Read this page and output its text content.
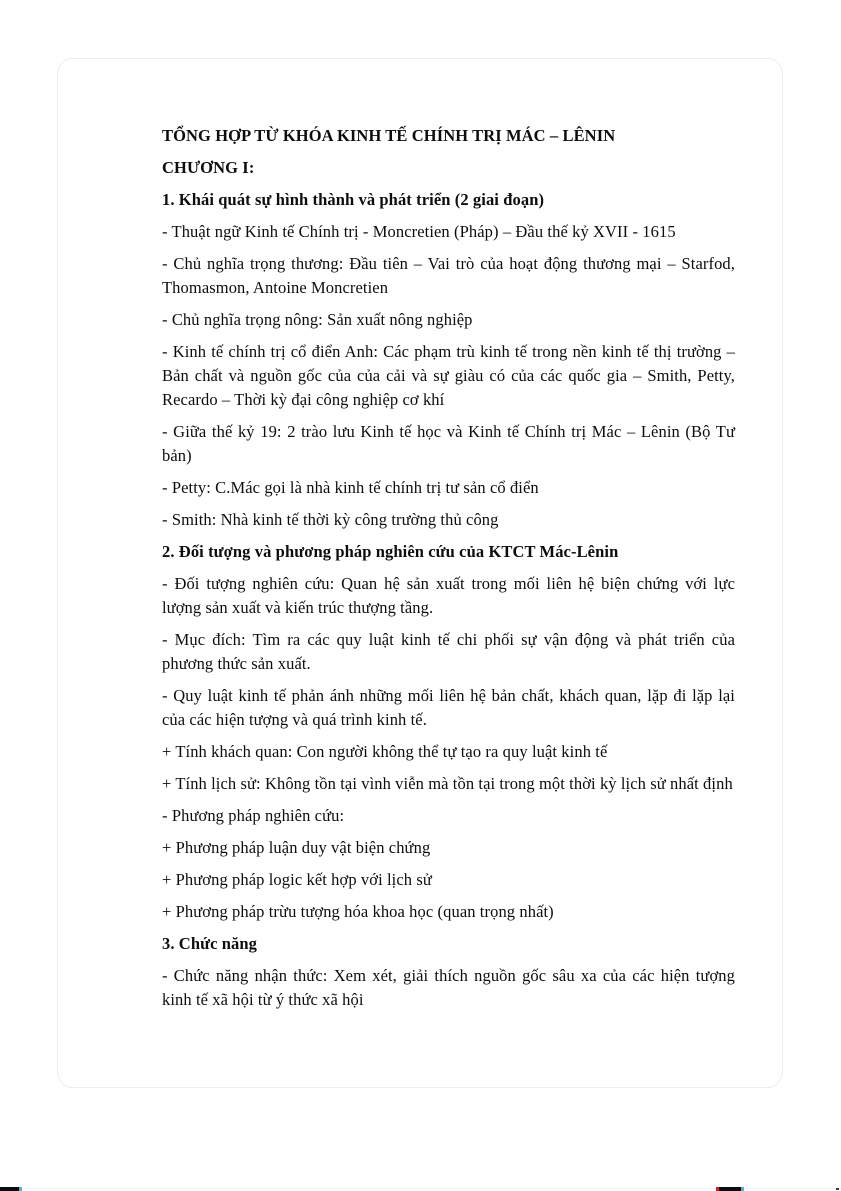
TỔNG HỢP TỪ KHÓA KINH TẾ CHÍNH TRỊ MÁC – LÊNIN

CHƯƠNG I:

1. Khái quát sự hình thành và phát triển (2 giai đoạn)

- Thuật ngữ Kinh tế Chính trị - Moncretien (Pháp) – Đầu thế kỷ XVII - 1615

- Chủ nghĩa trọng thương: Đầu tiên – Vai trò của hoạt động thương mại – Starfod, Thomasmon, Antoine Moncretien

- Chủ nghĩa trọng nông: Sản xuất nông nghiệp

- Kinh tế chính trị cổ điển Anh: Các phạm trù kinh tế trong nền kinh tế thị trường – Bản chất và nguồn gốc của của cải và sự giàu có của các quốc gia – Smith, Petty, Recardo – Thời kỳ đại công nghiệp cơ khí

- Giữa thế kỷ 19: 2 trào lưu Kinh tế học và Kinh tế Chính trị Mác – Lênin (Bộ Tư bản)

- Petty: C.Mác gọi là nhà kinh tế chính trị tư sản cổ điển

- Smith: Nhà kinh tế thời kỳ công trường thủ công

2. Đối tượng và phương pháp nghiên cứu của KTCT Mác-Lênin

- Đối tượng nghiên cứu: Quan hệ sản xuất trong mối liên hệ biện chứng với lực lượng sản xuất và kiến trúc thượng tầng.

- Mục đích: Tìm ra các quy luật kinh tế chi phối sự vận động và phát triển của phương thức sản xuất.

- Quy luật kinh tế phản ánh những mối liên hệ bản chất, khách quan, lặp đi lặp lại của các hiện tượng và quá trình kinh tế.

+ Tính khách quan: Con người không thể tự tạo ra quy luật kinh tế

+ Tính lịch sử: Không tồn tại vình viễn mà tồn tại trong một thời kỳ lịch sử nhất định

- Phương pháp nghiên cứu:

+ Phương pháp luận duy vật biện chứng

+ Phương pháp logic kết hợp với lịch sử

+ Phương pháp trừu tượng hóa khoa học (quan trọng nhất)

3. Chức năng

- Chức năng nhận thức: Xem xét, giải thích nguồn gốc sâu xa của các hiện tượng kinh tế xã hội từ ý thức xã hội
